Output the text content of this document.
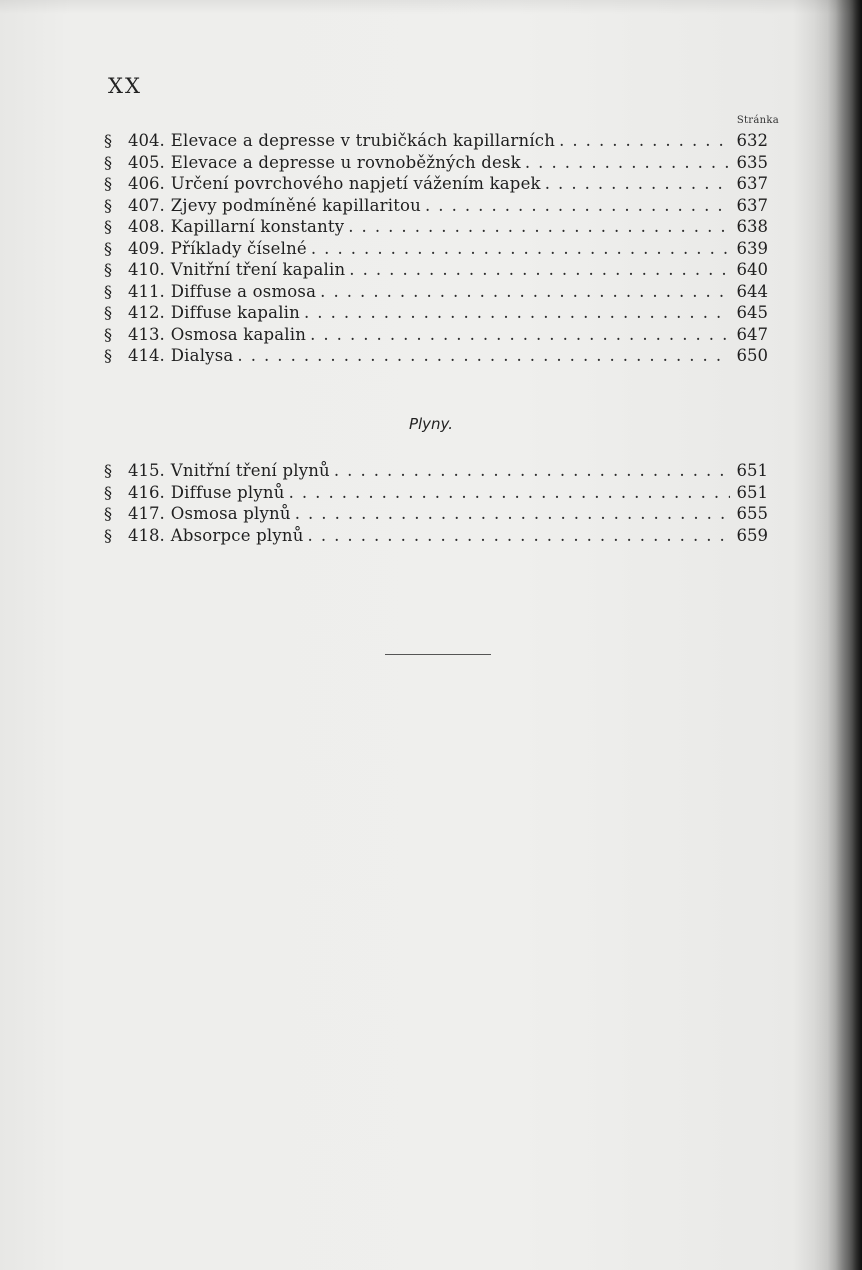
XX
Stránka
§ 404. Elevace a depresse v trubičkách kapillarních . . .	632
§ 405. Elevace a depresse u rovnoběžných desk . . .	635
§ 406. Určení povrchového napjetí vážením kapek . . .	637
§ 407. Zjevy podmíněné kapillaritou . . .	637
§ 408. Kapillarní konstanty . . .	638
§ 409. Příklady číselné . . .	639
§ 410. Vnitřní tření kapalin . . .	640
§ 411. Diffuse a osmosa . . .	644
§ 412. Diffuse kapalin . . .	645
§ 413. Osmosa kapalin . . .	647
§ 414. Dialysa . . .	650
Plyny.
§ 415. Vnitřní tření plynů . . .	651
§ 416. Diffuse plynů . . .	651
§ 417. Osmosa plynů . . .	655
§ 418. Absorpce plynů . . .	659
